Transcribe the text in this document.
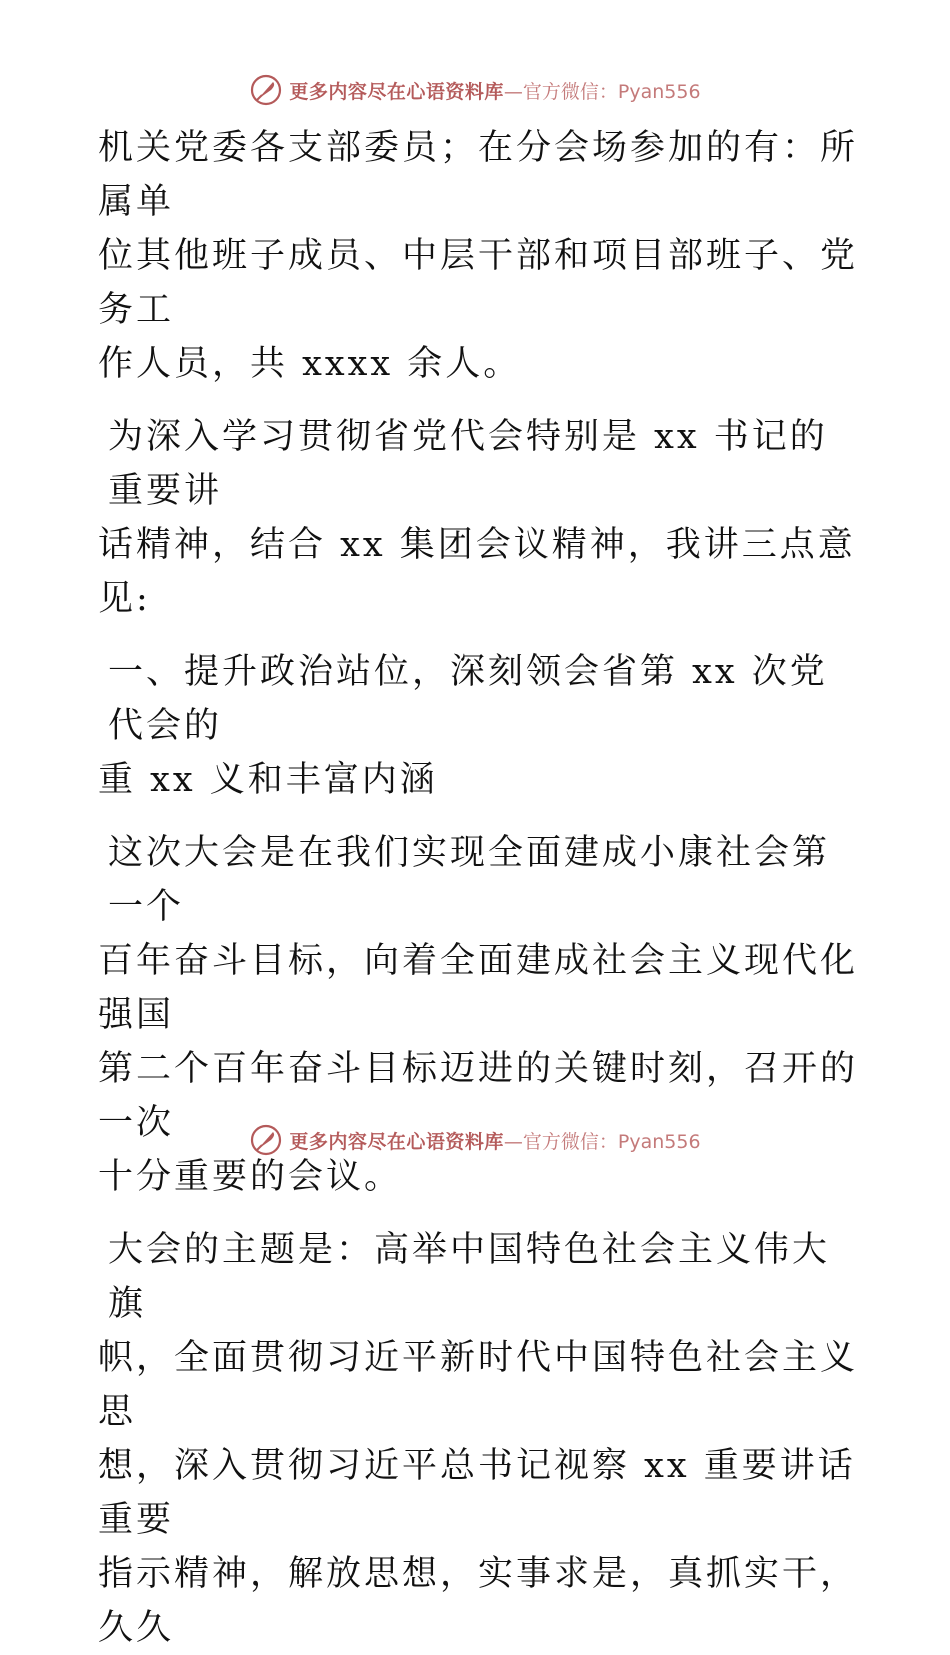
更多内容尽在心语资料库 —官方微信：Pyan556
机关党委各支部委员；在分会场参加的有：所属单
位其他班子成员、中层干部和项目部班子、党务工
作人员，共 xxxx 余人。
为深入学习贯彻省党代会特别是 xx 书记的重要讲
话精神，结合 xx 集团会议精神，我讲三点意见:
一、提升政治站位，深刻领会省第 xx 次党代会的
重 xx 义和丰富内涵
这次大会是在我们实现全面建成小康社会第一个
百年奋斗目标，向着全面建成社会主义现代化强国
第二个百年奋斗目标迈进的关键时刻，召开的一次
十分重要的会议。
大会的主题是：高举中国特色社会主义伟大旗
帜，全面贯彻习近平新时代中国特色社会主义思
想，深入贯彻习近平总书记视察 xx 重要讲话重要
指示精神，解放思想，实事求是，真抓实干，久久
更多内容尽在心语资料库 —官方微信：Pyan556
